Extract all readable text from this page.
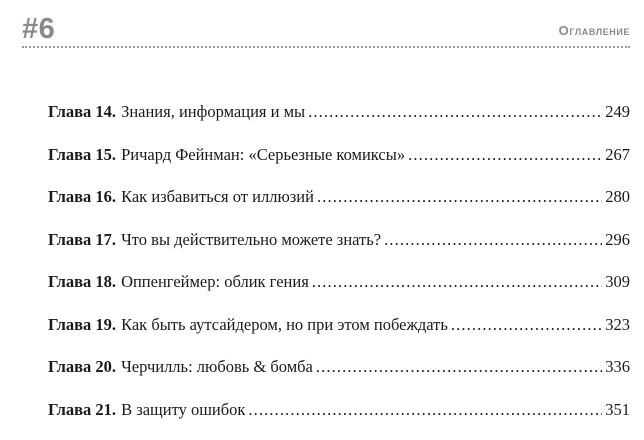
#6	Оглавление
Глава 14. Знания, информация и мы . . .	249
Глава 15. Ричард Фейнман: «Серьезные комиксы» . . .	267
Глава 16. Как избавиться от иллюзий . . .	280
Глава 17. Что вы действительно можете знать? . . .	296
Глава 18. Оппенгеймер: облик гения . . .	309
Глава 19. Как быть аутсайдером, но при этом побеждать . . .	323
Глава 20. Черчилль: любовь & бомба . . .	336
Глава 21. В защиту ошибок . . .	351
